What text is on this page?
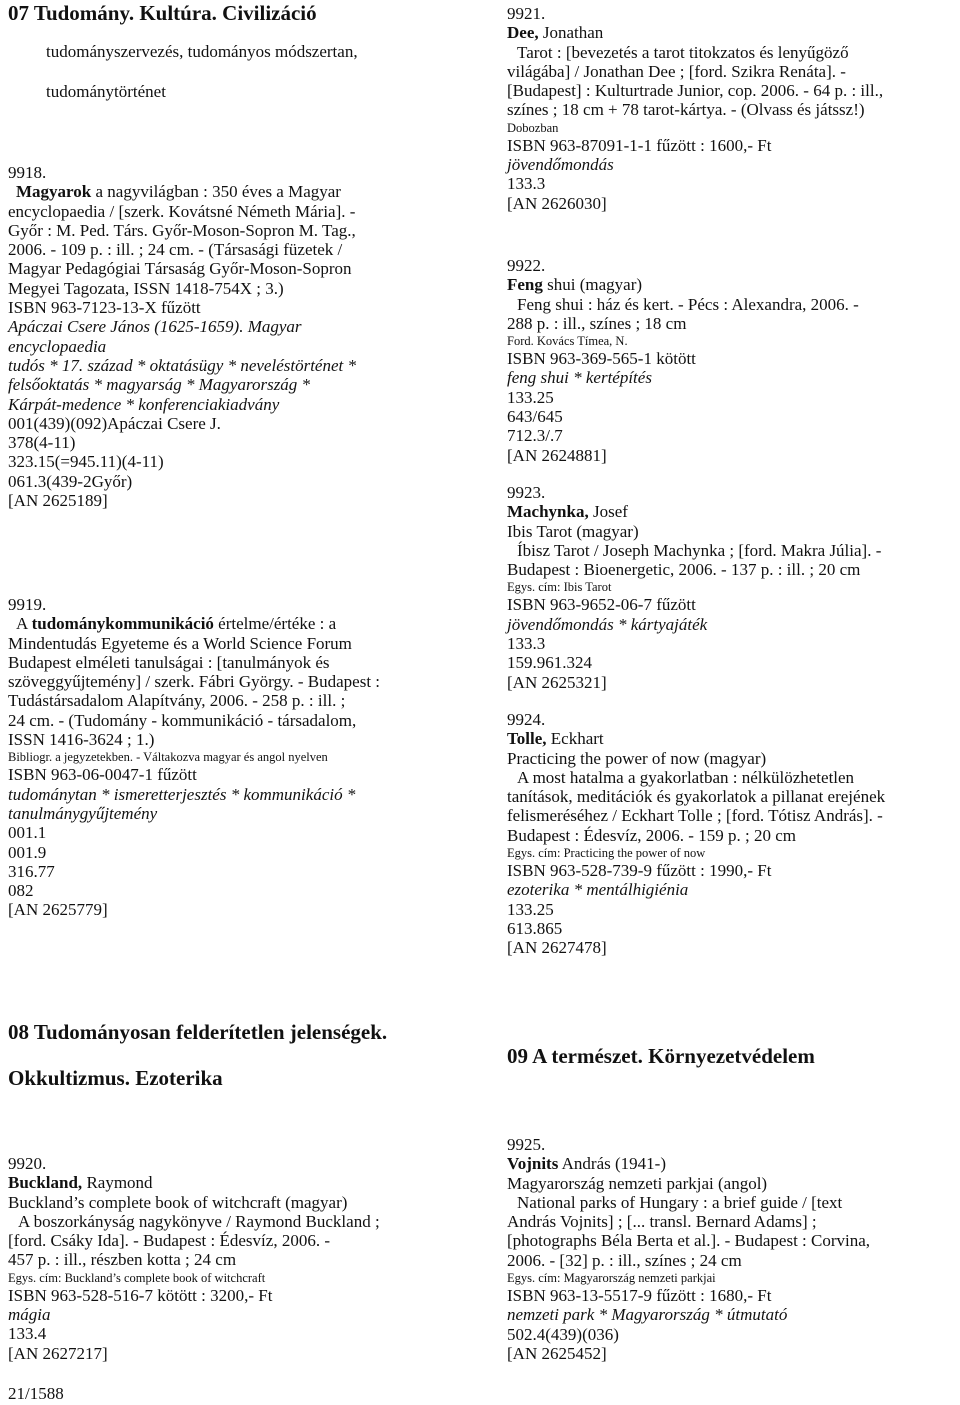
07 Tudomány. Kultúra. Civilizáció

tudományszervezés, tudományos módszertan,

tudománytörténet

9918.
Magyarok a nagyvilágban : 350 éves a Magyar
encyclopaedia / [szerk. Kovátsné Németh Mária]. -
Győr : M. Ped. Társ. Győr-Moson-Sopron M. Tag.,
2006. - 109 p. : ill. ; 24 cm. - (Társasági füzetek /
Magyar Pedagógiai Társaság Győr-Moson-Sopron
Megyei Tagozata, ISSN 1418-754X ; 3.)
ISBN 963-7123-13-X fűzött
Apáczai Csere János (1625-1659). Magyar
encyclopaedia
tudós * 17. század * oktatásügy * neveléstörténet *
felsőoktatás * magyarság * Magyarország *
Kárpát-medence * konferenciakiadvány
001(439)(092)Apáczai Csere J.
378(4-11)
323.15(=945.11)(4-11)
061.3(439-2Győr)
[AN 2625189]
9919.
A tudománykommunikáció értelme/értéke : a
Mindentudás Egyeteme és a World Science Forum
Budapest elméleti tanulságai : [tanulmányok és
szöveggyűjtemény] / szerk. Fábri György. - Budapest :
Tudástársadalom Alapítvány, 2006. - 258 p. : ill. ;
24 cm. - (Tudomány - kommunikáció - társadalom,
ISSN 1416-3624 ; 1.)
Bibliogr. a jegyzetekben. - Váltakozva magyar és angol nyelven
ISBN 963-06-0047-1 fűzött
tudománytan * ismeretterjesztés * kommunikáció *
tanulmánygyűjtemény
001.1
001.9
316.77
082
[AN 2625779]

08 Tudományosan felderítetlen jelenségek.

Okkultizmus. Ezoterika

9920.
Buckland, Raymond
Buckland’s complete book of witchcraft (magyar)
A boszorkányság nagykönyve / Raymond Buckland ;
[ford. Csáky Ida]. - Budapest : Édesvíz, 2006. -
457 p. : ill., részben kotta ; 24 cm
Egys. cím: Buckland’s complete book of witchcraft
ISBN 963-528-516-7 kötött : 3200,- Ft
mágia
133.4
[AN 2627217]
21/1588
9921.
Dee, Jonathan
Tarot : [bevezetés a tarot titokzatos és lenyűgöző
világába] / Jonathan Dee ; [ford. Szikra Renáta]. -
[Budapest] : Kulturtrade Junior, cop. 2006. - 64 p. : ill.,
színes ; 18 cm + 78 tarot-kártya. - (Olvass és játssz!)
Dobozban
ISBN 963-87091-1-1 fűzött : 1600,- Ft
jövendőmondás
133.3
[AN 2626030]
9922.
Feng shui (magyar)
Feng shui : ház és kert. - Pécs : Alexandra, 2006. -
288 p. : ill., színes ; 18 cm
Ford. Kovács Tímea, N.
ISBN 963-369-565-1 kötött
feng shui * kertépítés
133.25
643/645
712.3/.7
[AN 2624881]
9923.
Machynka, Josef
Ibis Tarot (magyar)
Íbisz Tarot / Joseph Machynka ; [ford. Makra Júlia]. -
Budapest : Bioenergetic, 2006. - 137 p. : ill. ; 20 cm
Egys. cím: Ibis Tarot
ISBN 963-9652-06-7 fűzött
jövendőmondás * kártyajáték
133.3
159.961.324
[AN 2625321]
9924.
Tolle, Eckhart
Practicing the power of now (magyar)
A most hatalma a gyakorlatban : nélkülözhetetlen
tanítások, meditációk és gyakorlatok a pillanat erejének
felismeréséhez / Eckhart Tolle ; [ford. Tótisz András]. -
Budapest : Édesvíz, 2006. - 159 p. ; 20 cm
Egys. cím: Practicing the power of now
ISBN 963-528-739-9 fűzött : 1990,- Ft
ezoterika * mentálhigiénia
133.25
613.865
[AN 2627478]
09 A természet. Környezetvédelem
9925.
Vojnits András (1941-)
Magyarország nemzeti parkjai (angol)
National parks of Hungary : a brief guide / [text
András Vojnits] ; [... transl. Bernard Adams] ;
[photographs Béla Berta et al.]. - Budapest : Corvina,
2006. - [32] p. : ill., színes ; 24 cm
Egys. cím: Magyarország nemzeti parkjai
ISBN 963-13-5517-9 fűzött : 1680,- Ft
nemzeti park * Magyarország * útmutató
502.4(439)(036)
[AN 2625452]
